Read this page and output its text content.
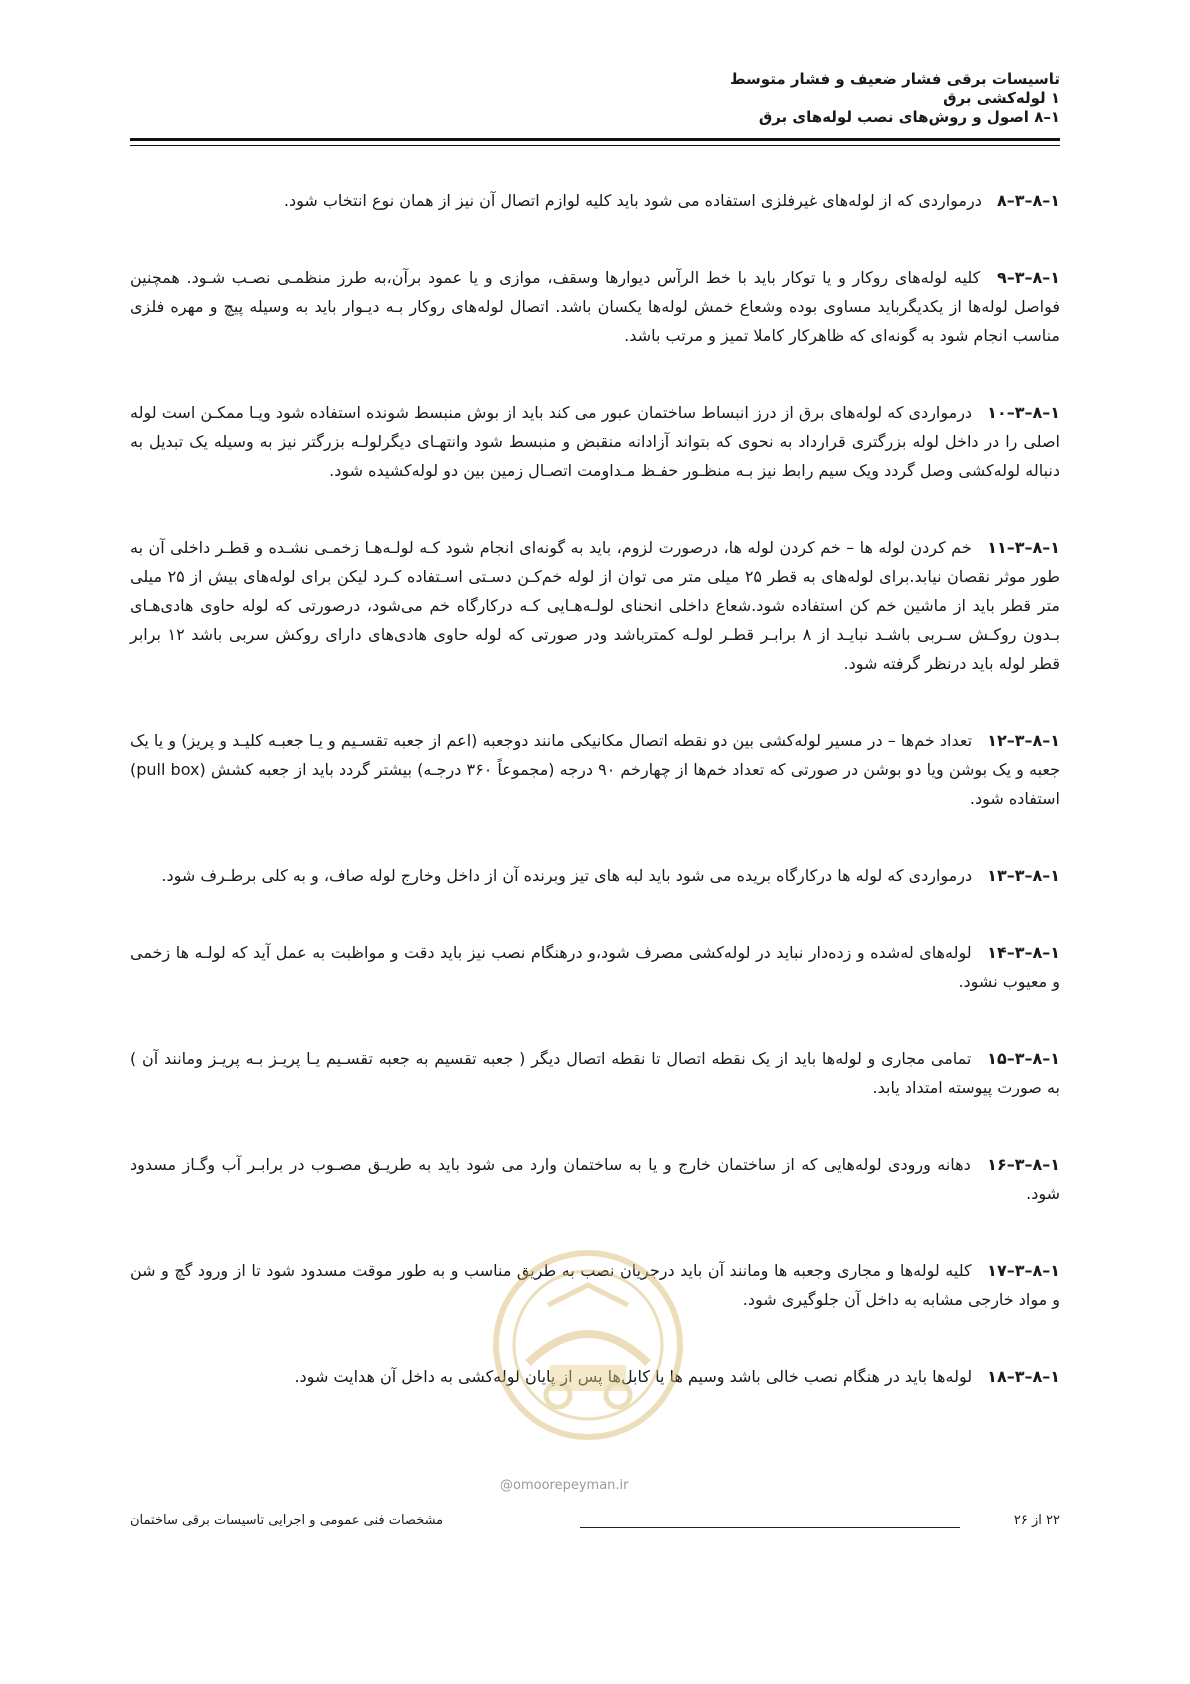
تاسیسات برقی فشار ضعیف و فشار متوسط
۱ لوله‌کشی برق
۱–۸ اصول و روش‌های نصب لوله‌های برق
۱–۸–۳–۸ درمواردی که از لوله‌های غیرفلزی استفاده می شود باید کلیه لوازم اتصال آن نیز از همان نوع انتخاب شود.
۱–۸–۳–۹ کلیه لوله‌های روکار و یا توکار باید با خط الرآس دیوارها وسقف، موازی و یا عمود برآن،به طرز منظمـی نصـب شـود. همچنین فواصل لوله‌ها از یکدیگرباید مساوی بوده وشعاع خمش لوله‌ها یکسان باشد. اتصال لوله‌های روکار بـه دیـوار باید به وسیله پیچ و مهره فلزی مناسب انجام شود به گونه‌ای که ظاهرکار کاملا تمیز و مرتب باشد.
۱–۸–۳–۱۰ درمواردی که لوله‌های برق از درز انبساط ساختمان عبور می کند باید از بوش منبسط شونده استفاده شود ویـا ممکـن است لوله اصلی را در داخل لوله بزرگتری قرارداد به نحوی که بتواند آزادانه منقبض و منبسط شود وانتهـای دیگرلولـه بزرگتر نیز به وسیله یک تبدیل به دنباله لوله‌کشی وصل گردد ویک سیم رابط نیز بـه منظـور حفـظ مـداومت اتصـال زمین بین دو لوله‌کشیده شود.
۱–۸–۳–۱۱ خم کردن لوله ها – خم کردن لوله ها، درصورت لزوم، باید به گونه‌ای انجام شود کـه لولـه‌هـا زخمـی نشـده و قطـر داخلی آن به طور موثر نقصان نیابد.برای لوله‌های به قطر ۲۵ میلی متر می توان از لوله خم‌کـن دسـتی اسـتفاده کـرد لیکن برای لوله‌های بیش از ۲۵ میلی متر قطر باید از ماشین خم کن استفاده شود.شعاع داخلی انحنای لولـه‌هـایی کـه درکارگاه خم می‌شود، درصورتی که لوله حاوی هادی‌هـای بـدون روکـش سـربی باشـد نبایـد از ۸ برابـر قطـر لولـه کمترباشد ودر صورتی که لوله حاوی هادی‌های دارای روکش سربی باشد ۱۲ برابر قطر لوله باید درنظر گرفته شود.
۱–۸–۳–۱۲ تعداد خم‌ها – در مسیر لوله‌کشی بین دو نقطه اتصال مکانیکی مانند دوجعبه (اعم از جعبه تقسـیم و یـا جعبـه کلیـد و پریز) و یا یک جعبه و یک بوشن ویا دو بوشن در صورتی که تعداد خم‌ها از چهارخم ۹۰ درجه (مجموعاً ۳۶۰ درجـه) بیشتر گردد باید از جعبه کشش (pull box) استفاده شود.
۱–۸–۳–۱۳ درمواردی که لوله ها درکارگاه بریده می شود باید لبه های تیز وبرنده آن از داخل وخارج لوله صاف، و به کلی برطـرف شود.
۱–۸–۳–۱۴ لوله‌های له‌شده و زده‌دار نباید در لوله‌کشی مصرف شود،و درهنگام نصب نیز باید دقت و مواظبت به عمل آید که لولـه ها زخمی و معیوب نشود.
۱–۸–۳–۱۵ تمامی مجاری و لوله‌ها باید از یک نقطه اتصال تا نقطه اتصال دیگر ( جعبه تقسیم به جعبه تقسـیم یـا پریـز بـه پریـز ومانند آن ) به صورت پیوسته امتداد یابد.
۱–۸–۳–۱۶ دهانه ورودی لوله‌هایی که از ساختمان خارج و یا به ساختمان وارد می شود باید به طریـق مصـوب در برابـر آب وگـاز مسدود شود.
۱–۸–۳–۱۷ کلیه لوله‌ها و مجاری وجعبه ها ومانند آن باید درجریان نصب به طریق مناسب و به طور موقت مسدود شود تا از ورود گچ و شن و مواد خارجی مشابه به داخل آن جلوگیری شود.
۱–۸–۳–۱۸ لوله‌ها باید در هنگام نصب خالی باشد وسیم ها یا کابل‌ها پس از پایان لوله‌کشی به داخل آن هدایت شود.
@omoorepeyman.ir
۲۲ از ۲۶
مشخصات فنی عمومی و اجرایی تاسیسات برقی ساختمان
